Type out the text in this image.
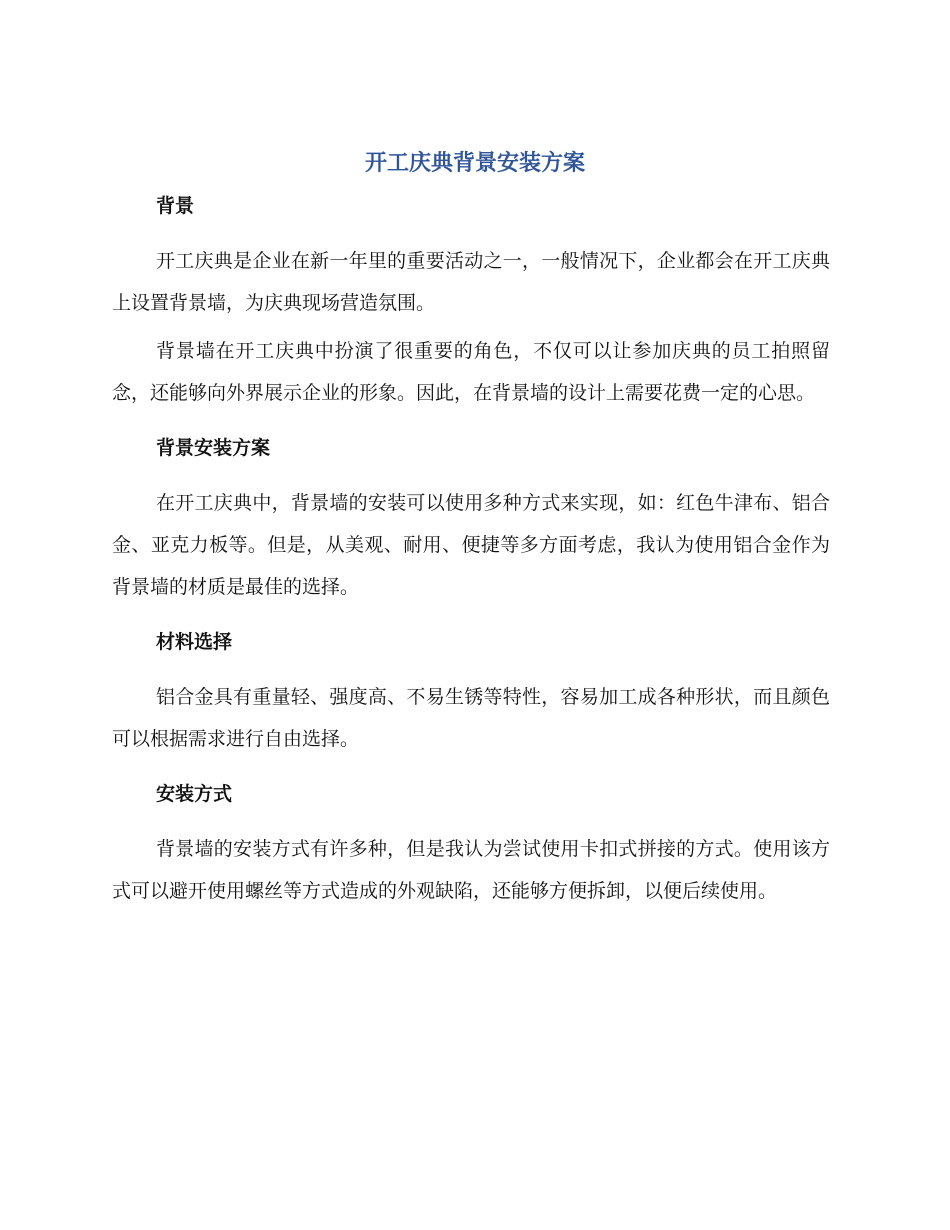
开工庆典背景安装方案
背景

开工庆典是企业在新一年里的重要活动之一，一般情况下，企业都会在开工庆典上设置背景墙，为庆典现场营造氛围。

背景墙在开工庆典中扮演了很重要的角色，不仅可以让参加庆典的员工拍照留念，还能够向外界展示企业的形象。因此，在背景墙的设计上需要花费一定的心思。

背景安装方案

在开工庆典中，背景墙的安装可以使用多种方式来实现，如：红色牛津布、铝合金、亚克力板等。但是，从美观、耐用、便捷等多方面考虑，我认为使用铝合金作为背景墙的材质是最佳的选择。

材料选择

铝合金具有重量轻、强度高、不易生锈等特性，容易加工成各种形状，而且颜色可以根据需求进行自由选择。

安装方式

背景墙的安装方式有许多种，但是我认为尝试使用卡扣式拼接的方式。使用该方式可以避开使用螺丝等方式造成的外观缺陷，还能够方便拆卸，以便后续使用。
